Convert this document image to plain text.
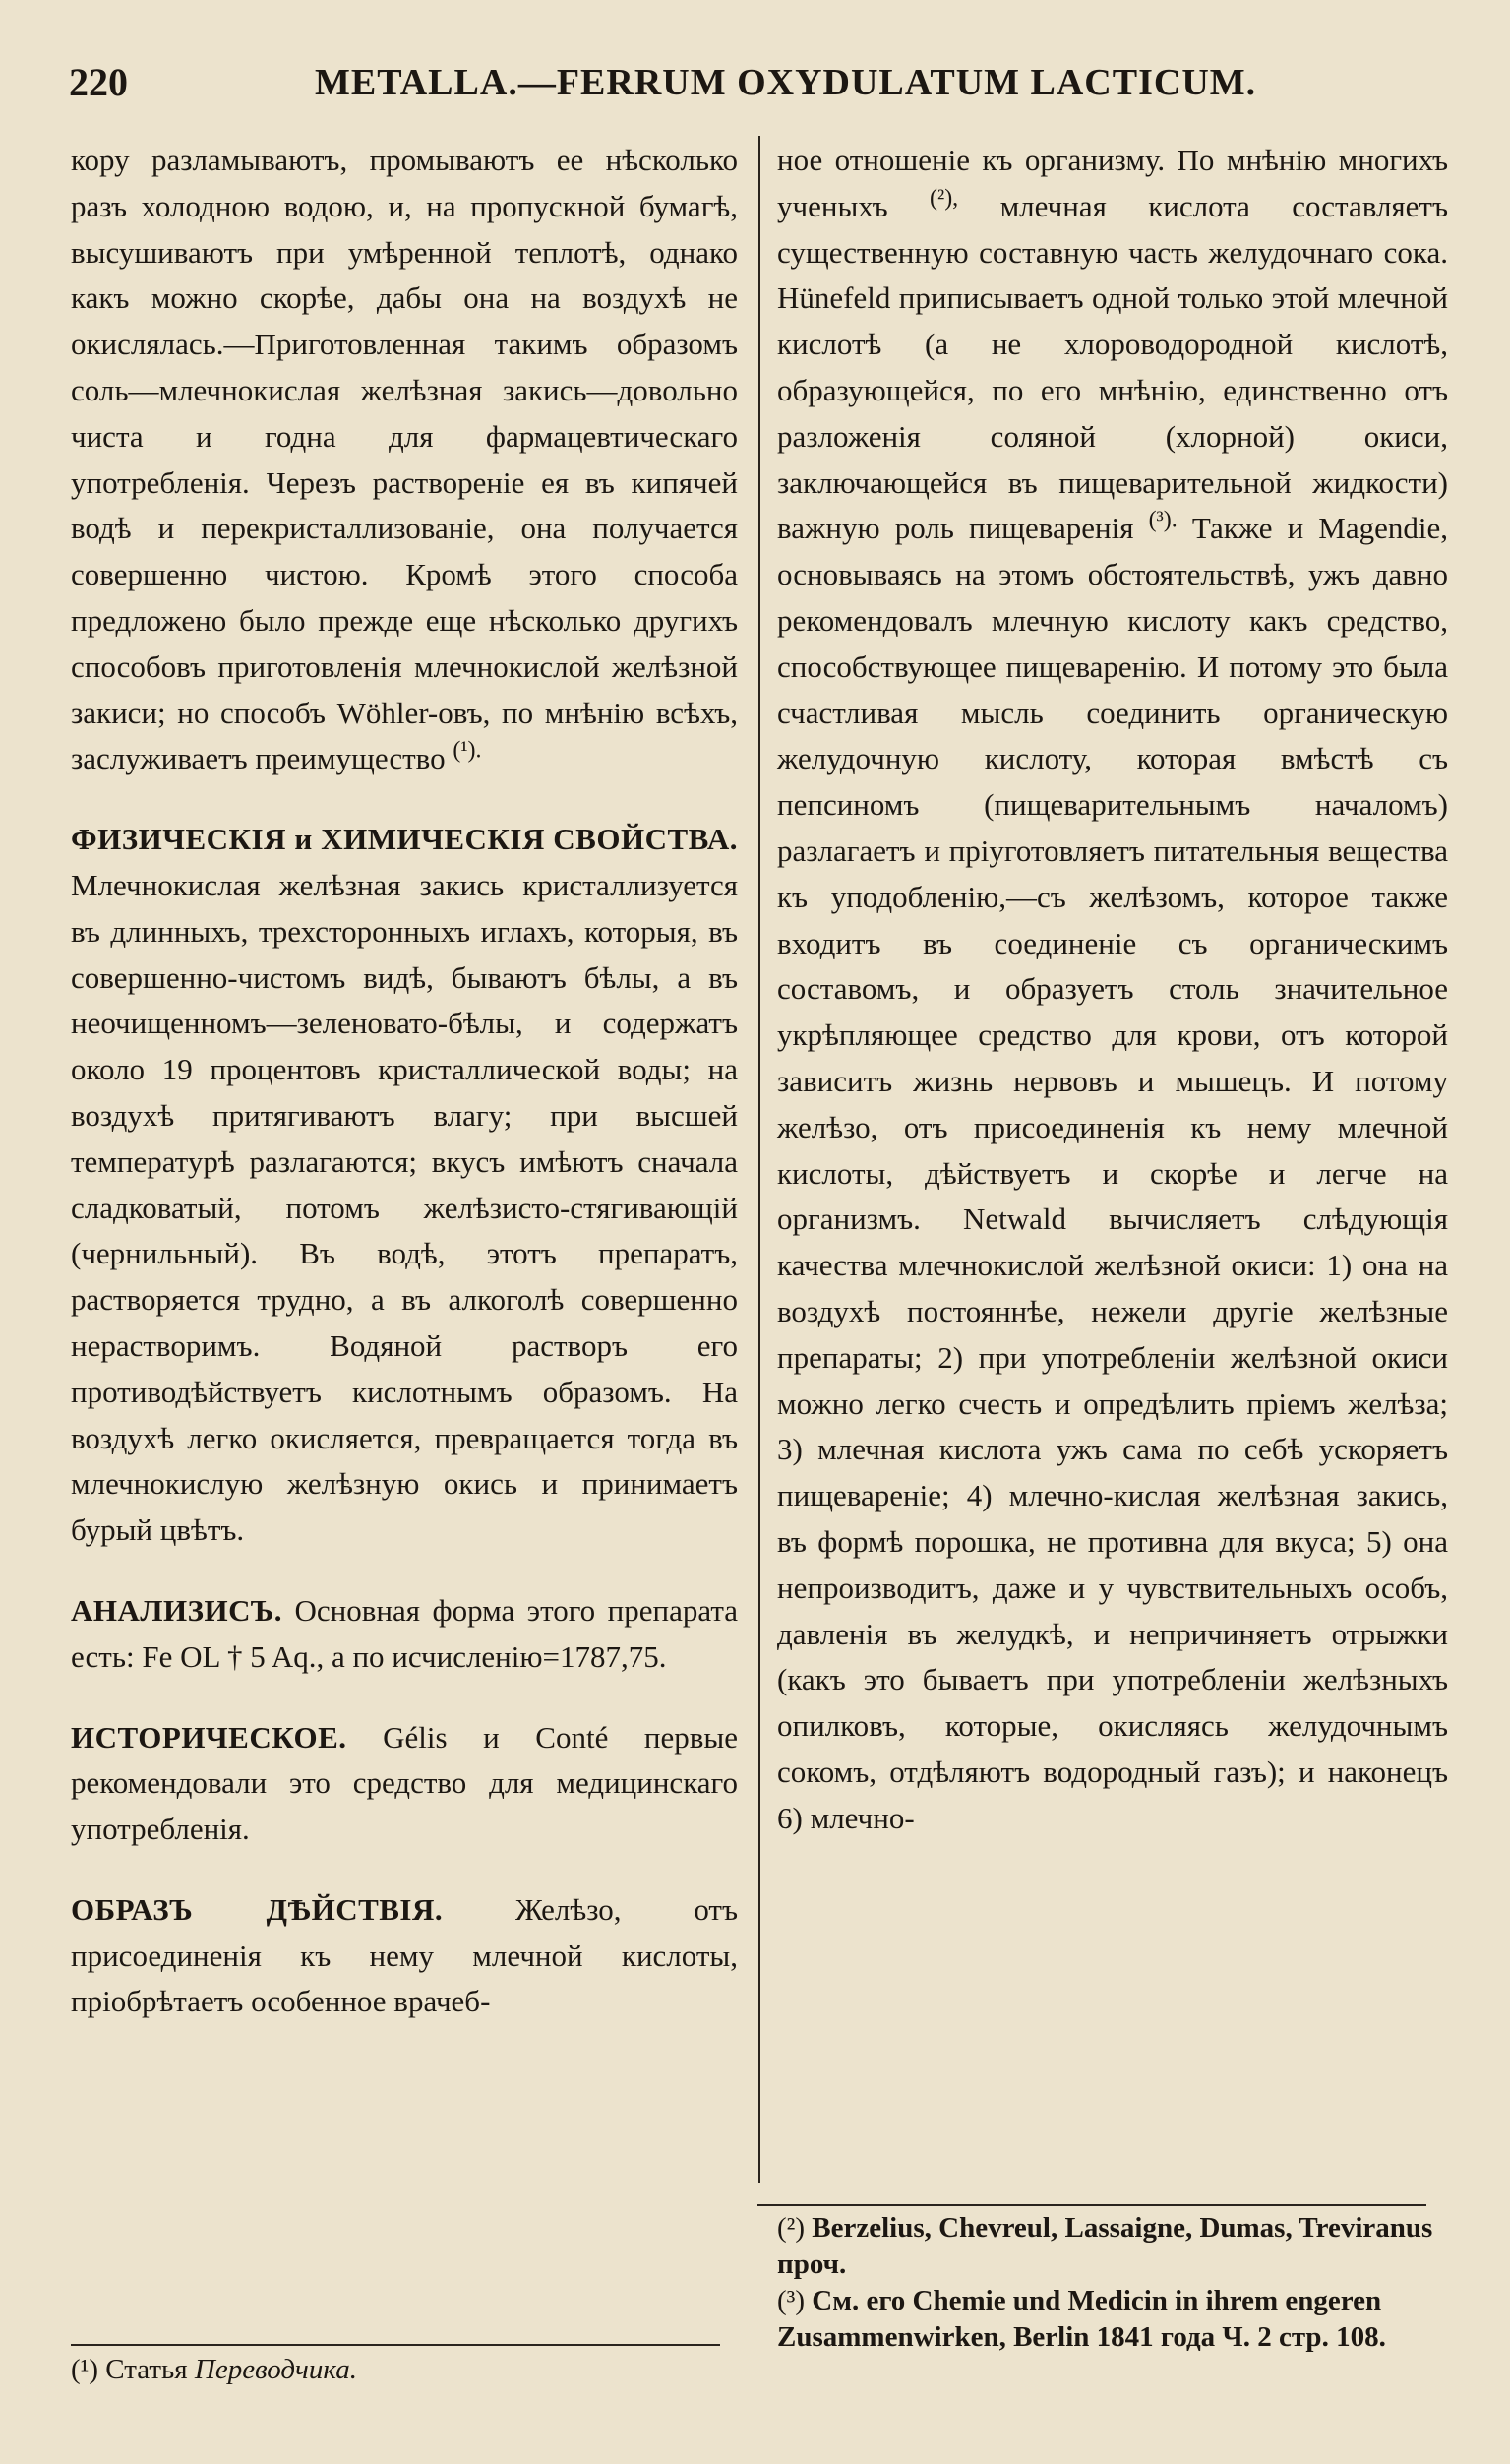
220	METALLA.—FERRUM OXYDULATUM LACTICUM.

кору разламываютъ, промываютъ ее нѣсколько разъ холодною водою, и, на пропускной бумагѣ, высушиваютъ при умѣренной теплотѣ, однако какъ можно скорѣе, дабы она на воздухѣ не окислялась.—Приготовленная такимъ образомъ соль—млечнокислая желѣзная закись—довольно чиста и годна для фармацевтическаго употребленія. Черезъ растворенie ея въ кипячей водѣ и перекристаллизованіе, она получается совершенно чистою. Кромѣ этого способа предложено было прежде еще нѣсколько другихъ способовъ приготовленія млечнокислой желѣзной закиси; но способъ Wöhler-овъ, по мнѣнію всѣхъ, заслуживаетъ преимущество $^{(^1).}$

ФИЗИЧЕСКІЯ и ХИМИЧЕСКІЯ СВОЙСТВА. Млечнокислая желѣзная закись кристаллизуется въ длинныхъ, трехсторонныхъ иглахъ, которыя, въ совершенно-чистомъ видѣ, бываютъ бѣлы, а въ неочищенномъ—зеленовато-бѣлы, и содержатъ около 19 процентовъ кристаллической воды; на воздухѣ притягиваютъ влагу; при высшей температурѣ разлагаются; вкусъ имѣютъ сначала сладковатый, потомъ желѣзисто-стягивающій (чернильный). Въ водѣ, этотъ препаратъ, растворяется трудно, а въ алкоголѣ совершенно нерастворимъ. Водяной растворъ его противодѣйствуетъ кислотнымъ образомъ. На воздухѣ легко окисляется, превращается тогда въ млечнокислую желѣзную окись и принимаетъ бурый цвѣтъ.

АНАЛИЗИСЪ. Основная форма этого препарата есть: Fe OL † 5 Aq., а по исчисленію=1787,75.

ИСТОРИЧЕСКОЕ. Gélis и Conté первые рекомендовали это средство для медицинскаго употребленія.

ОБРАЗЪ ДѢЙСТВІЯ. Желѣзо, отъ присоединенія къ нему млечной кислоты, пріобрѣтаетъ особенное врачеб-

ное отношеніе къ организму. По мнѣнію многихъ ученыхъ $^{(^2),}$ млечная кислота составляетъ существенную составную часть желудочнаго сока. Hünefeld приписываетъ одной только этой млечной кислотѣ (а не хлороводородной кислотѣ, образующейся, по его мнѣнію, единственно отъ разложенія соляной (хлорной) окиси, заключающейся въ пищеварительной жидкости) важную роль пищеваренія $^{(^3).}$ Также и Magendie, основываясь на этомъ обстоятельствѣ, ужъ давно рекомендовалъ млечную кислоту какъ средство, способствующее пищеваренію. И потому это была счастливая мысль соединить органическую желудочную кислоту, которая вмѣстѣ съ пепсиномъ (пищеварительнымъ началомъ) разлагаетъ и пріуготовляетъ питательныя вещества къ уподобленію,—съ желѣзомъ, которое также входитъ въ соединеніе съ органическимъ составомъ, и образуетъ столь значительное укрѣпляющее средство для крови, отъ которой зависитъ жизнь нервовъ и мышецъ. И потому желѣзо, отъ присоединенія къ нему млечной кислоты, дѣйствуетъ и скорѣе и легче на организмъ. Netwald вычисляетъ слѣдующія качества млечнокислой желѣзной окиси: 1) она на воздухѣ постояннѣе, нежели другіе желѣзные препараты; 2) при употребленіи желѣзной окиси можно легко счесть и опредѣлить пріемъ желѣза; 3) млечная кислота ужъ сама по себѣ ускоряетъ пищевареніе; 4) млечно-кислая желѣзная закись, въ формѣ порошка, не противна для вкуса; 5) она непроизводитъ, даже и у чувствительныхъ особъ, давленія въ желудкѣ, и непричиняетъ отрыжки (какъ это бываетъ при употребленіи желѣзныхъ опилковъ, которые, окисляясь желудочнымъ сокомъ, отдѣляютъ водородный газъ); и наконецъ 6) млечно-

(²) Berzelius, Chevreul, Lassaigne, Dumas, Treviranus проч.

(³) См. его Chemie und Medicin in ihrem engeren Zusammenwirken, Berlin 1841 года Ч. 2 стр. 108.

(¹) Статья Переводчика.
